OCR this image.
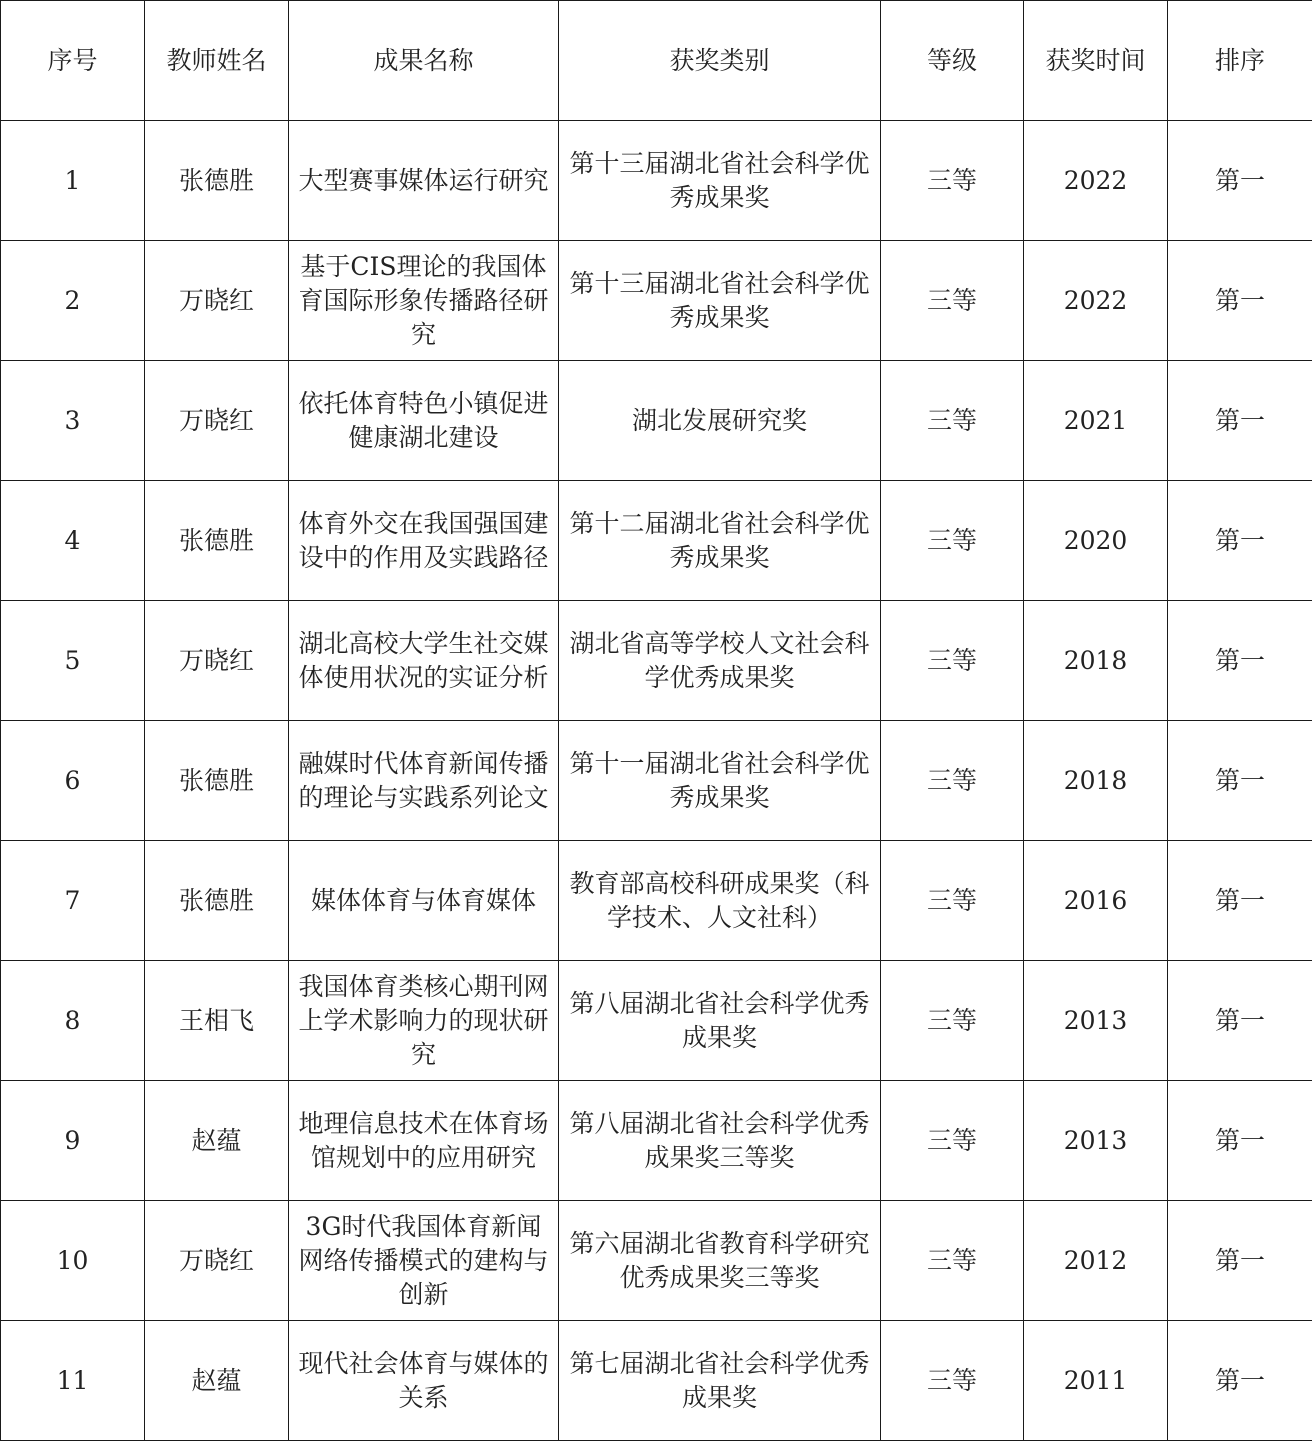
序号	教师姓名	成果名称	获奖类别	等级	获奖时间	排序
1	张德胜	大型赛事媒体运行研究	第十三届湖北省社会科学优秀成果奖	三等	2022	第一
2	万晓红	基于CIS理论的我国体育国际形象传播路径研究	第十三届湖北省社会科学优秀成果奖	三等	2022	第一
3	万晓红	依托体育特色小镇促进健康湖北建设	湖北发展研究奖	三等	2021	第一
4	张德胜	体育外交在我国强国建设中的作用及实践路径	第十二届湖北省社会科学优秀成果奖	三等	2020	第一
5	万晓红	湖北高校大学生社交媒体使用状况的实证分析	湖北省高等学校人文社会科学优秀成果奖	三等	2018	第一
6	张德胜	融媒时代体育新闻传播的理论与实践系列论文	第十一届湖北省社会科学优秀成果奖	三等	2018	第一
7	张德胜	媒体体育与体育媒体	教育部高校科研成果奖（科学技术、人文社科）	三等	2016	第一
8	王相飞	我国体育类核心期刊网上学术影响力的现状研究	第八届湖北省社会科学优秀成果奖	三等	2013	第一
9	赵蕴	地理信息技术在体育场馆规划中的应用研究	第八届湖北省社会科学优秀成果奖三等奖	三等	2013	第一
10	万晓红	3G时代我国体育新闻网络传播模式的建构与创新	第六届湖北省教育科学研究优秀成果奖三等奖	三等	2012	第一
11	赵蕴	现代社会体育与媒体的关系	第七届湖北省社会科学优秀成果奖	三等	2011	第一
